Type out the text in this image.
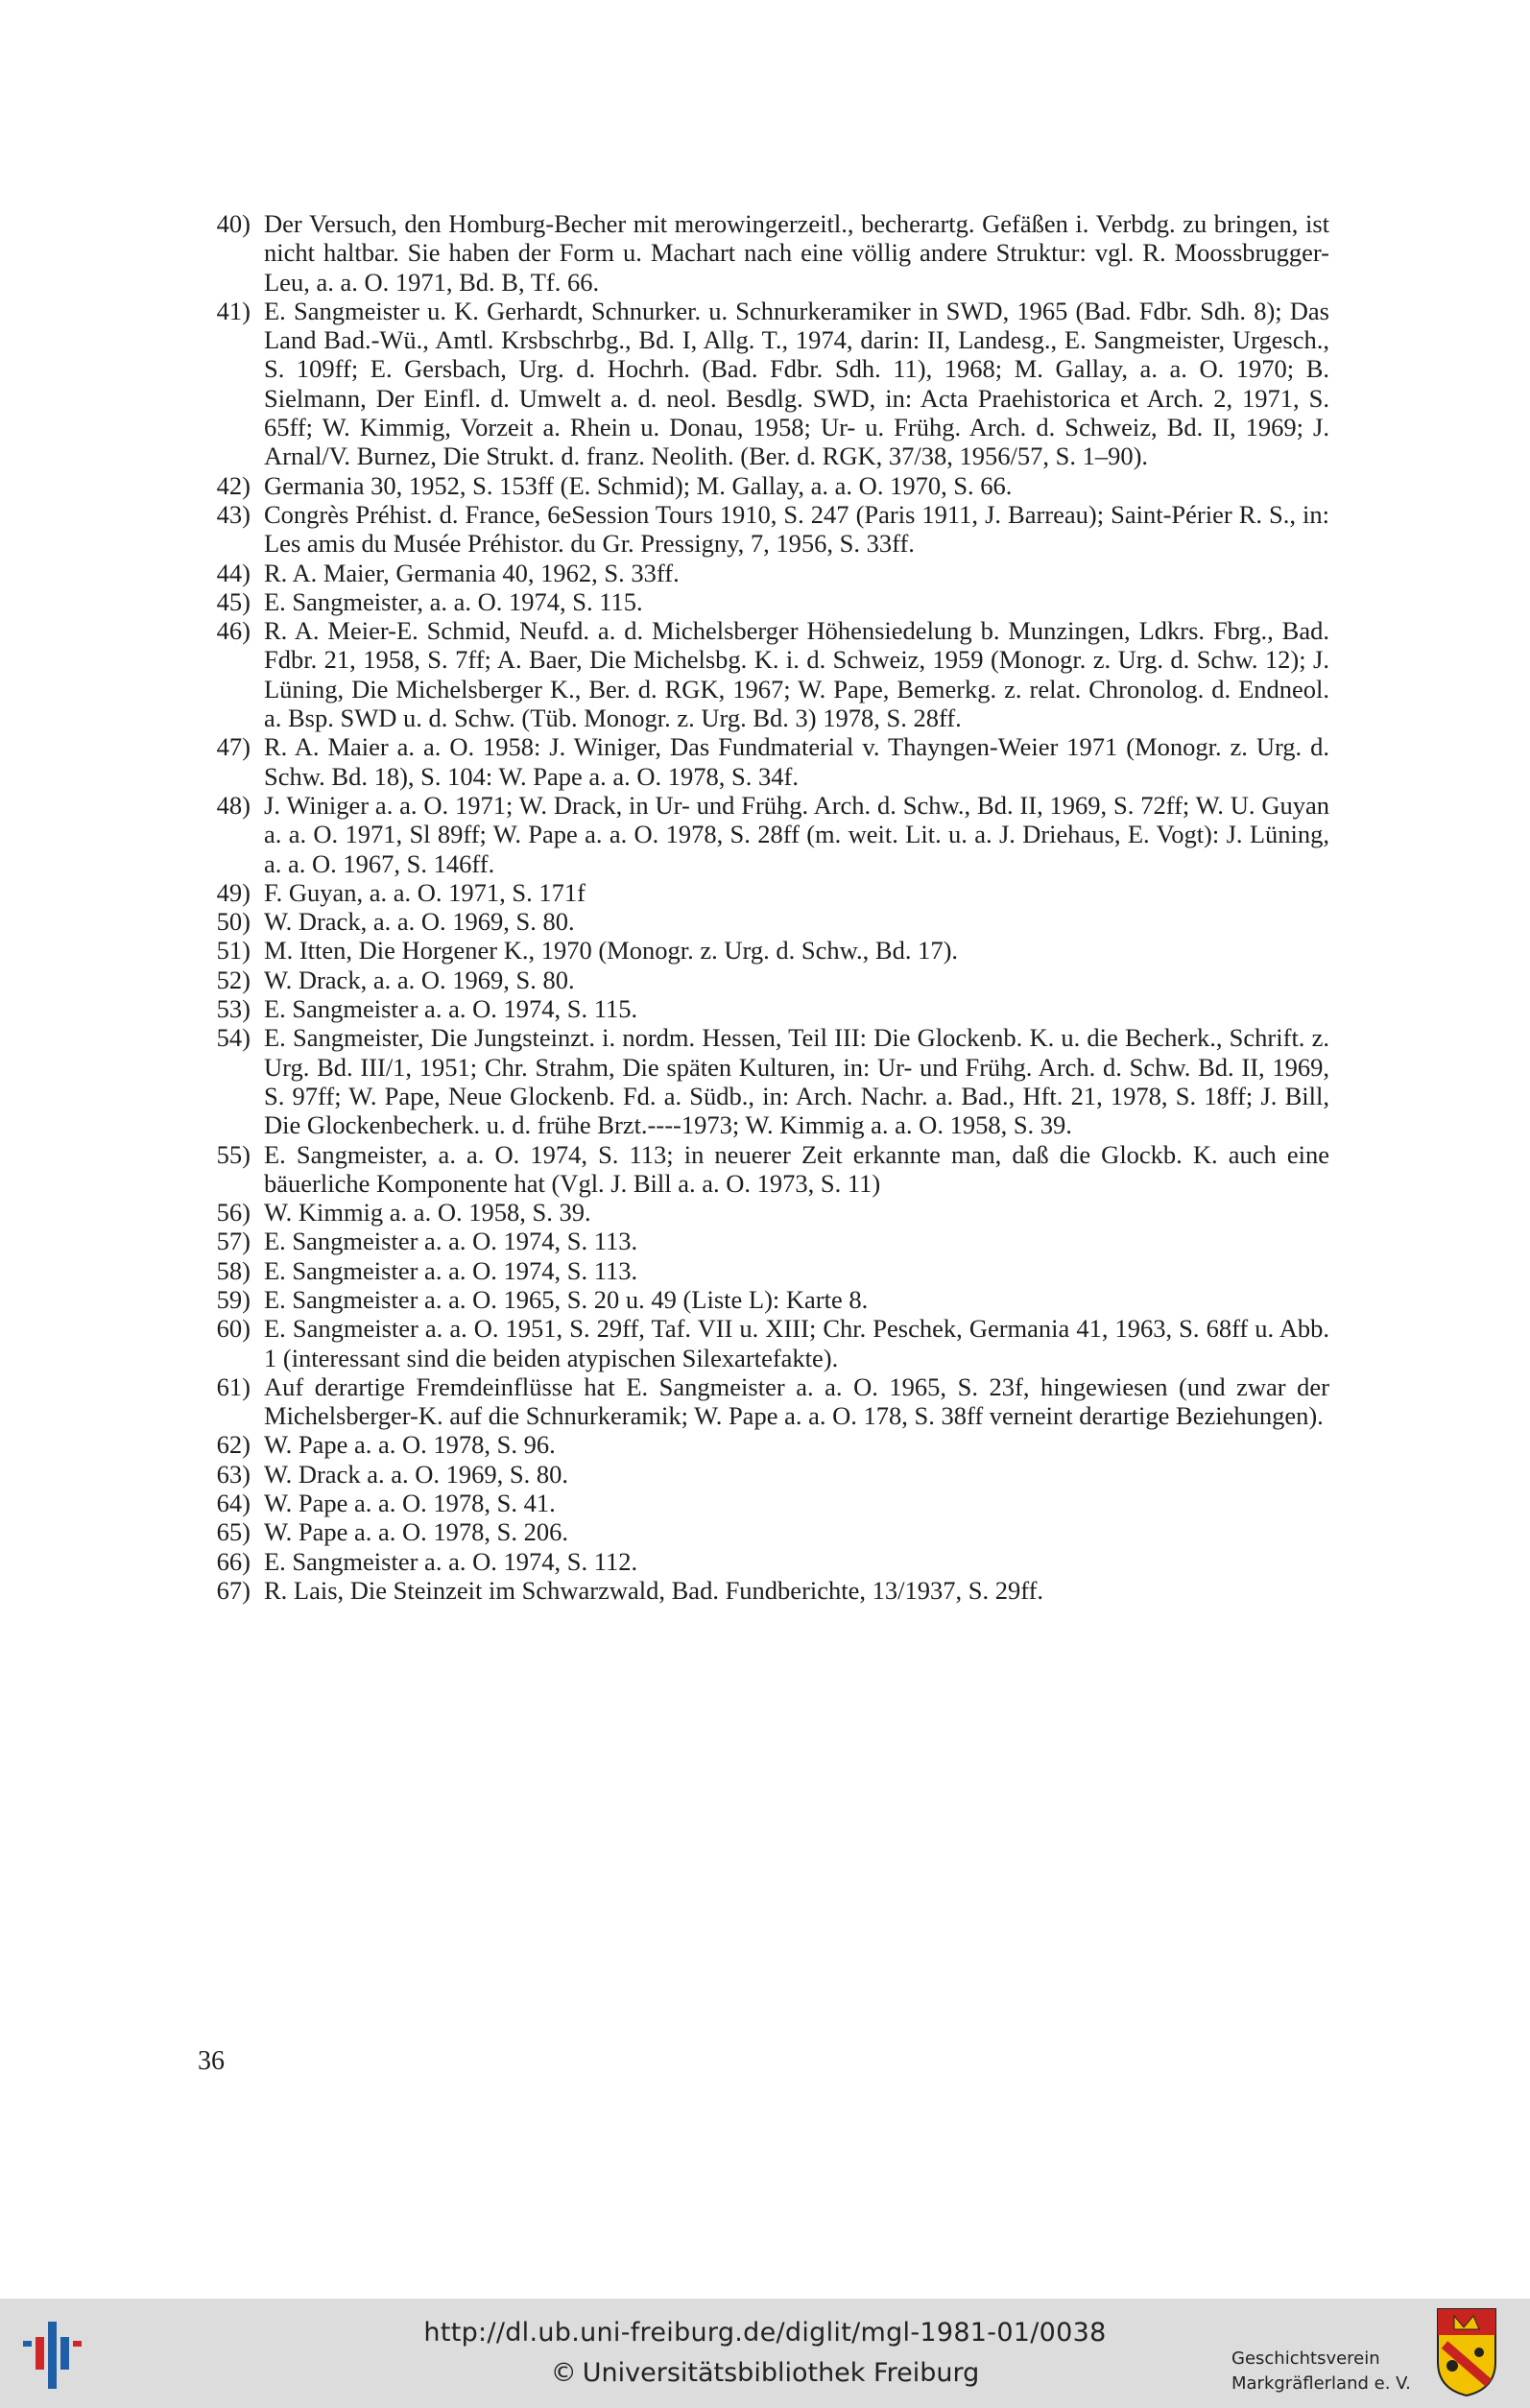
40) Der Versuch, den Homburg-Becher mit merowingerzeitl., becherartg. Gefäßen i. Verbdg. zu bringen, ist nicht haltbar. Sie haben der Form u. Machart nach eine völlig andere Struktur: vgl. R. Moossbrugger-Leu, a. a. O. 1971, Bd. B, Tf. 66.
41) E. Sangmeister u. K. Gerhardt, Schnurker. u. Schnurkeramiker in SWD, 1965 (Bad. Fdbr. Sdh. 8); Das Land Bad.-Wü., Amtl. Krsbschrbg., Bd. I, Allg. T., 1974, darin: II, Landesg., E. Sangmeister, Urgesch., S. 109ff; E. Gersbach, Urg. d. Hochrh. (Bad. Fdbr. Sdh. 11), 1968; M. Gallay, a. a. O. 1970; B. Sielmann, Der Einfl. d. Umwelt a. d. neol. Besdlg. SWD, in: Acta Praehistorica et Arch. 2, 1971, S. 65ff; W. Kimmig, Vorzeit a. Rhein u. Donau, 1958; Ur- u. Frühg. Arch. d. Schweiz, Bd. II, 1969; J. Arnal/V. Burnez, Die Strukt. d. franz. Neolith. (Ber. d. RGK, 37/38, 1956/57, S. 1–90).
42) Germania 30, 1952, S. 153ff (E. Schmid); M. Gallay, a. a. O. 1970, S. 66.
43) Congrès Préhist. d. France, 6eSession Tours 1910, S. 247 (Paris 1911, J. Barreau); Saint-Périer R. S., in: Les amis du Musée Préhistor. du Gr. Pressigny, 7, 1956, S. 33ff.
44) R. A. Maier, Germania 40, 1962, S. 33ff.
45) E. Sangmeister, a. a. O. 1974, S. 115.
46) R. A. Meier-E. Schmid, Neufd. a. d. Michelsberger Höhensiedelung b. Munzingen, Ldkrs. Fbrg., Bad. Fdbr. 21, 1958, S. 7ff; A. Baer, Die Michelsbg. K. i. d. Schweiz, 1959 (Monogr. z. Urg. d. Schw. 12); J. Lüning, Die Michelsberger K., Ber. d. RGK, 1967; W. Pape, Bemerkg. z. relat. Chronolog. d. Endneol. a. Bsp. SWD u. d. Schw. (Tüb. Monogr. z. Urg. Bd. 3) 1978, S. 28ff.
47) R. A. Maier a. a. O. 1958: J. Winiger, Das Fundmaterial v. Thayngen-Weier 1971 (Monogr. z. Urg. d. Schw. Bd. 18), S. 104: W. Pape a. a. O. 1978, S. 34f.
48) J. Winiger a. a. O. 1971; W. Drack, in Ur- und Frühg. Arch. d. Schw., Bd. II, 1969, S. 72ff; W. U. Guyan a. a. O. 1971, Sl 89ff; W. Pape a. a. O. 1978, S. 28ff (m. weit. Lit. u. a. J. Driehaus, E. Vogt): J. Lüning, a. a. O. 1967, S. 146ff.
49) F. Guyan, a. a. O. 1971, S. 171f
50) W. Drack, a. a. O. 1969, S. 80.
51) M. Itten, Die Horgener K., 1970 (Monogr. z. Urg. d. Schw., Bd. 17).
52) W. Drack, a. a. O. 1969, S. 80.
53) E. Sangmeister a. a. O. 1974, S. 115.
54) E. Sangmeister, Die Jungsteinzt. i. nordm. Hessen, Teil III: Die Glockenb. K. u. die Becherk., Schrift. z. Urg. Bd. III/1, 1951; Chr. Strahm, Die späten Kulturen, in: Ur- und Frühg. Arch. d. Schw. Bd. II, 1969, S. 97ff; W. Pape, Neue Glockenb. Fd. a. Südb., in: Arch. Nachr. a. Bad., Hft. 21, 1978, S. 18ff; J. Bill, Die Glockenbecherk. u. d. frühe Brzt.----1973; W. Kimmig a. a. O. 1958, S. 39.
55) E. Sangmeister, a. a. O. 1974, S. 113; in neuerer Zeit erkannte man, daß die Glockb. K. auch eine bäuerliche Komponente hat (Vgl. J. Bill a. a. O. 1973, S. 11)
56) W. Kimmig a. a. O. 1958, S. 39.
57) E. Sangmeister a. a. O. 1974, S. 113.
58) E. Sangmeister a. a. O. 1974, S. 113.
59) E. Sangmeister a. a. O. 1965, S. 20 u. 49 (Liste L): Karte 8.
60) E. Sangmeister a. a. O. 1951, S. 29ff, Taf. VII u. XIII; Chr. Peschek, Germania 41, 1963, S. 68ff u. Abb. 1 (interessant sind die beiden atypischen Silexartefakte).
61) Auf derartige Fremdeinflüsse hat E. Sangmeister a. a. O. 1965, S. 23f, hingewiesen (und zwar der Michelsberger-K. auf die Schnurkeramik; W. Pape a. a. O. 178, S. 38ff verneint derartige Beziehungen).
62) W. Pape a. a. O. 1978, S. 96.
63) W. Drack a. a. O. 1969, S. 80.
64) W. Pape a. a. O. 1978, S. 41.
65) W. Pape a. a. O. 1978, S. 206.
66) E. Sangmeister a. a. O. 1974, S. 112.
67) R. Lais, Die Steinzeit im Schwarzwald, Bad. Fundberichte, 13/1937, S. 29ff.
36
http://dl.ub.uni-freiburg.de/diglit/mgl-1981-01/0038
© Universitätsbibliothek Freiburg	Geschichtsverein
Markgräflerland e. V.
